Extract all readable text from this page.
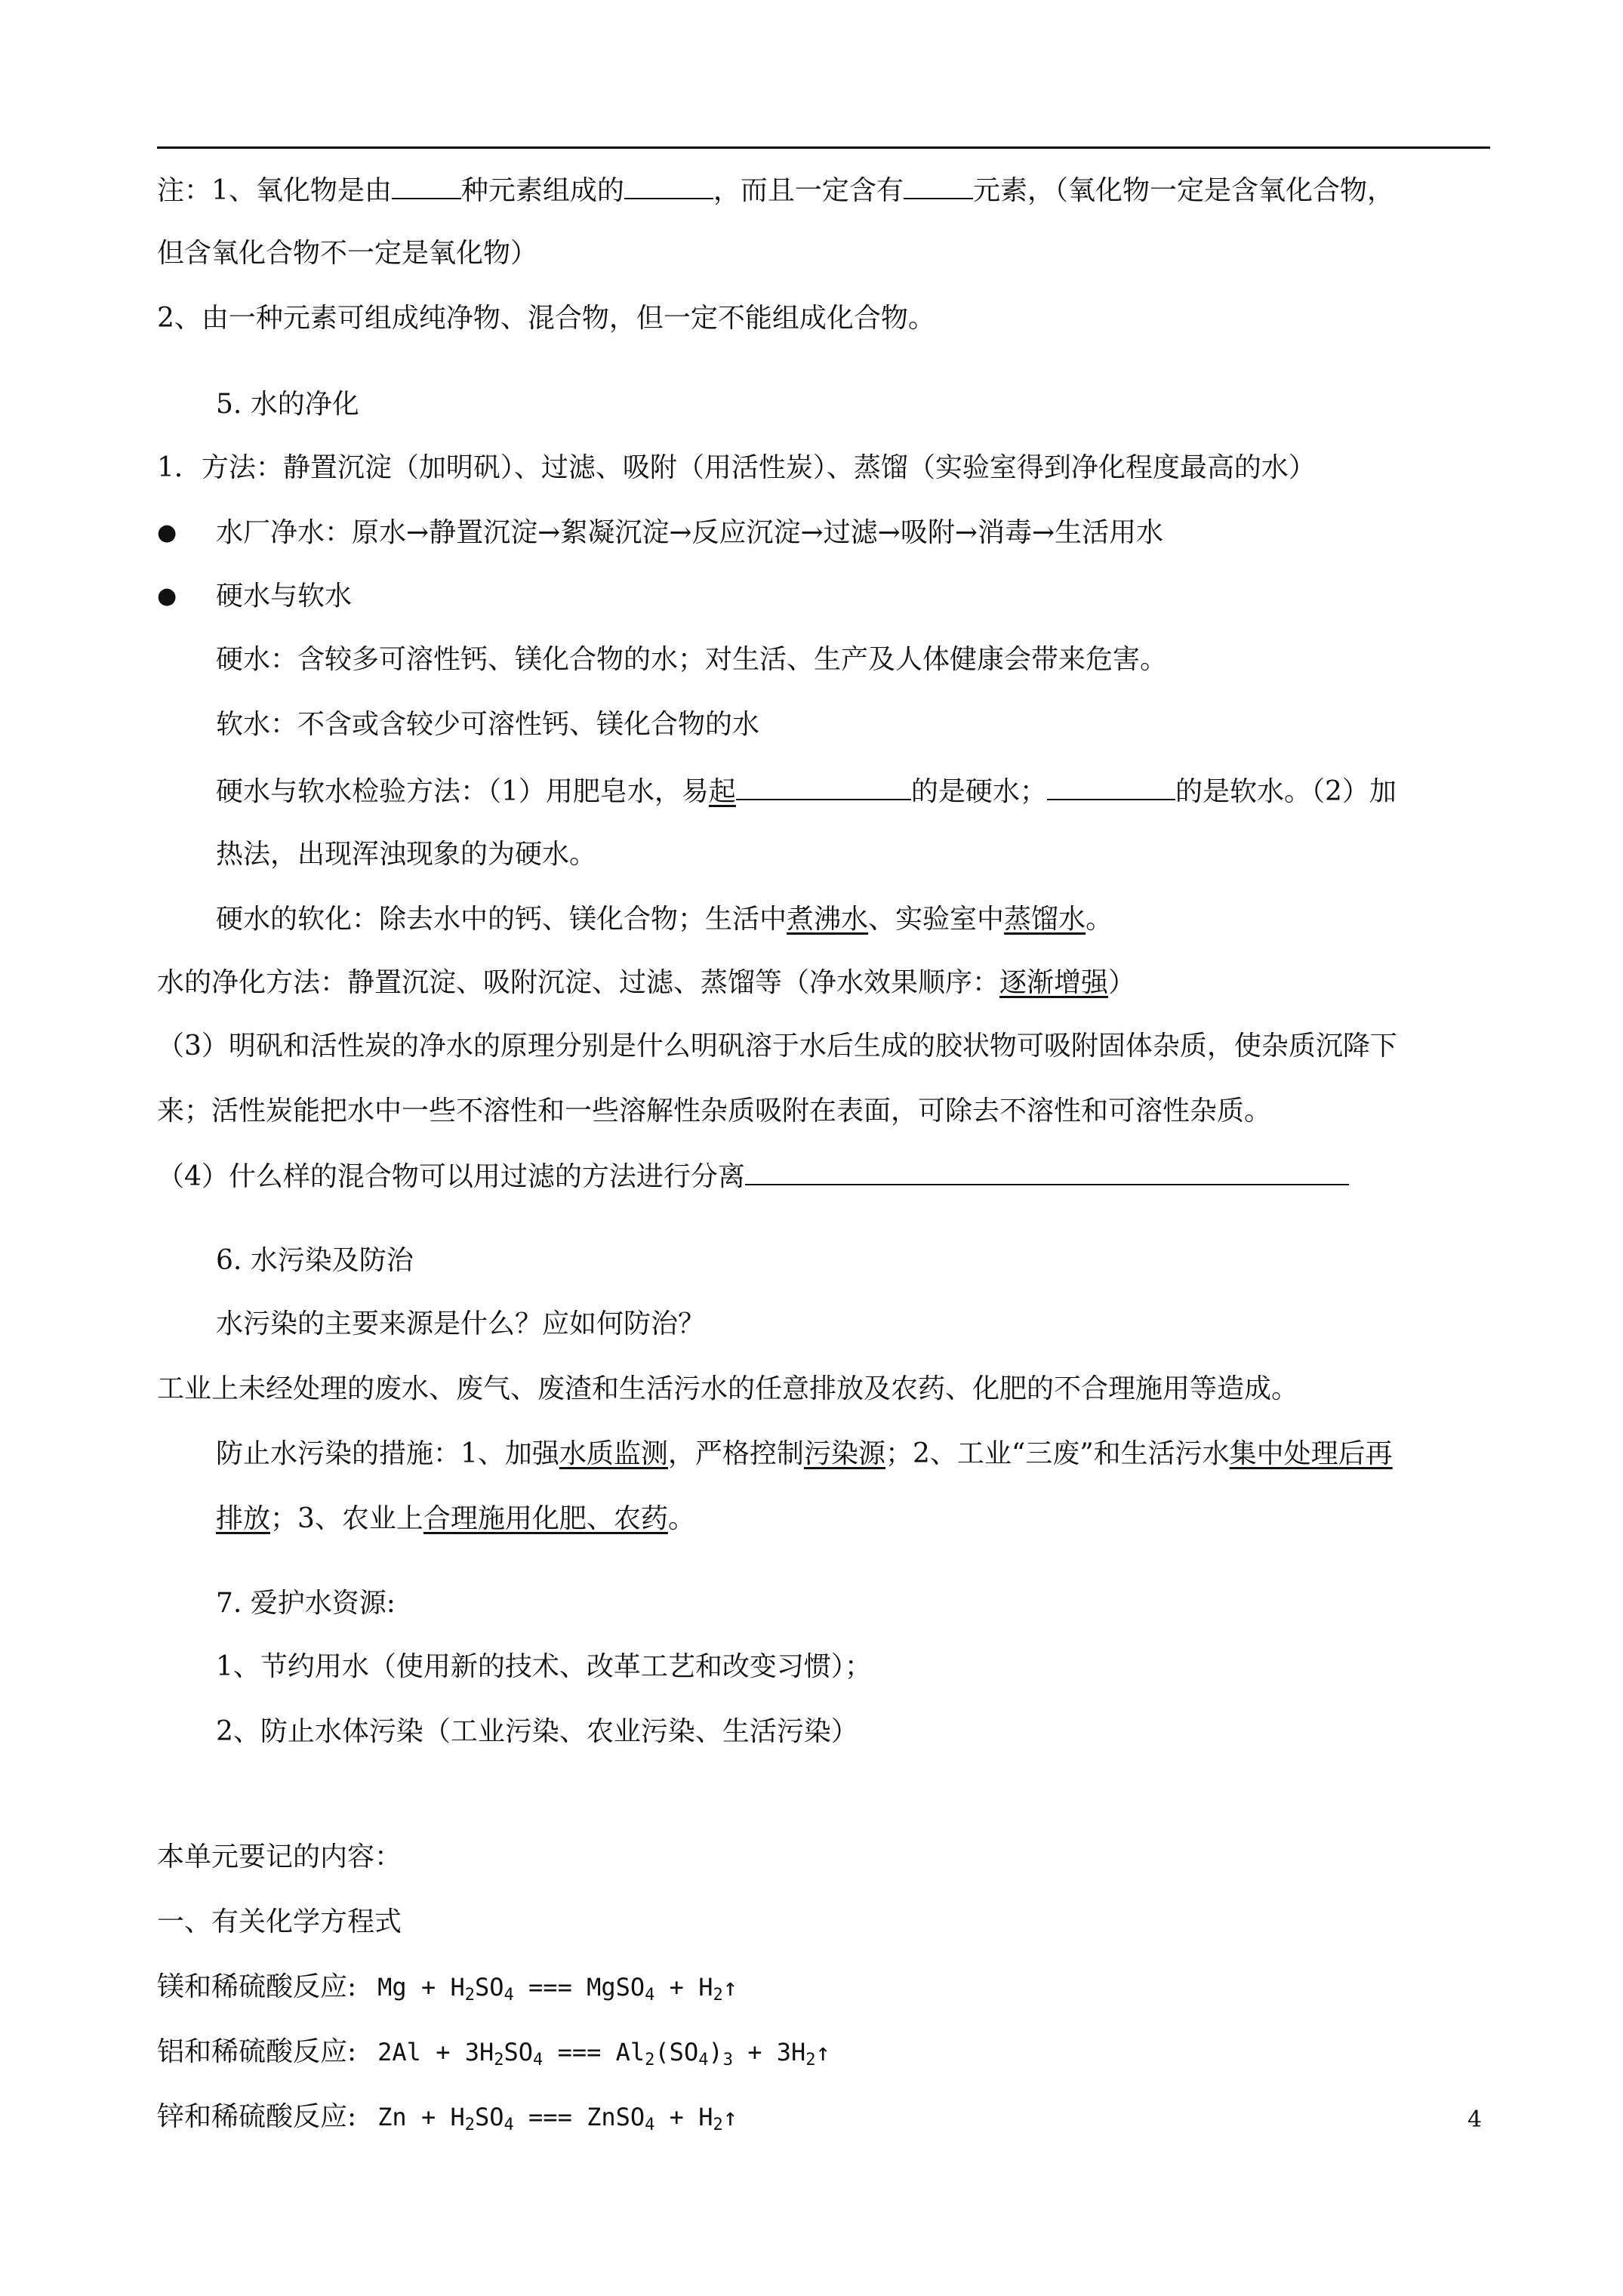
注：1、氧化物是由	种元素组成的	，而且一定含有	元素，（氧化物一定是含氧化合物，
但含氧化合物不一定是氧化物）
2、由一种元素可组成纯净物、混合物，但一定不能组成化合物。
5. 水的净化
1．方法：静置沉淀（加明矾）、过滤、吸附（用活性炭）、蒸馏（实验室得到净化程度最高的水）
● 水厂净水：原水→静置沉淀→絮凝沉淀→反应沉淀→过滤→吸附→消毒→生活用水
● 硬水与软水
硬水：含较多可溶性钙、镁化合物的水；对生活、生产及人体健康会带来危害。
软水：不含或含较少可溶性钙、镁化合物的水
硬水与软水检验方法：（1）用肥皂水，易起	的是硬水；	的是软水。（2）加
热法，出现浑浊现象的为硬水。
硬水的软化：除去水中的钙、镁化合物；生活中煮沸水、实验室中蒸馏水。
水的净化方法：静置沉淀、吸附沉淀、过滤、蒸馏等（净水效果顺序：逐渐增强）
（3）明矾和活性炭的净水的原理分别是什么明矾溶于水后生成的胶状物可吸附固体杂质，使杂质沉降下
来；活性炭能把水中一些不溶性和一些溶解性杂质吸附在表面，可除去不溶性和可溶性杂质。
（4）什么样的混合物可以用过滤的方法进行分离
6. 水污染及防治
水污染的主要来源是什么？应如何防治？
工业上未经处理的废水、废气、废渣和生活污水的任意排放及农药、化肥的不合理施用等造成。
防止水污染的措施：1、加强水质监测，严格控制污染源；2、工业“三废”和生活污水集中处理后再
排放；3、农业上合理施用化肥、农药。
7. 爱护水资源:
1、节约用水（使用新的技术、改革工艺和改变习惯）；
2、防止水体污染（工业污染、农业污染、生活污染）
本单元要记的内容：
一、有关化学方程式
镁和稀硫酸反应: $Mg + H_2SO_4$ === MgSO$_4$ + $H_2↑$
铝和稀硫酸反应: $2Al + 3H_2SO_4$ === $Al_2(SO_4)_3$ + $3H_2↑$
锌和稀硫酸反应: $Zn + H_2SO_4$ === ZnSO$_4$ + $H_2↑$	4
